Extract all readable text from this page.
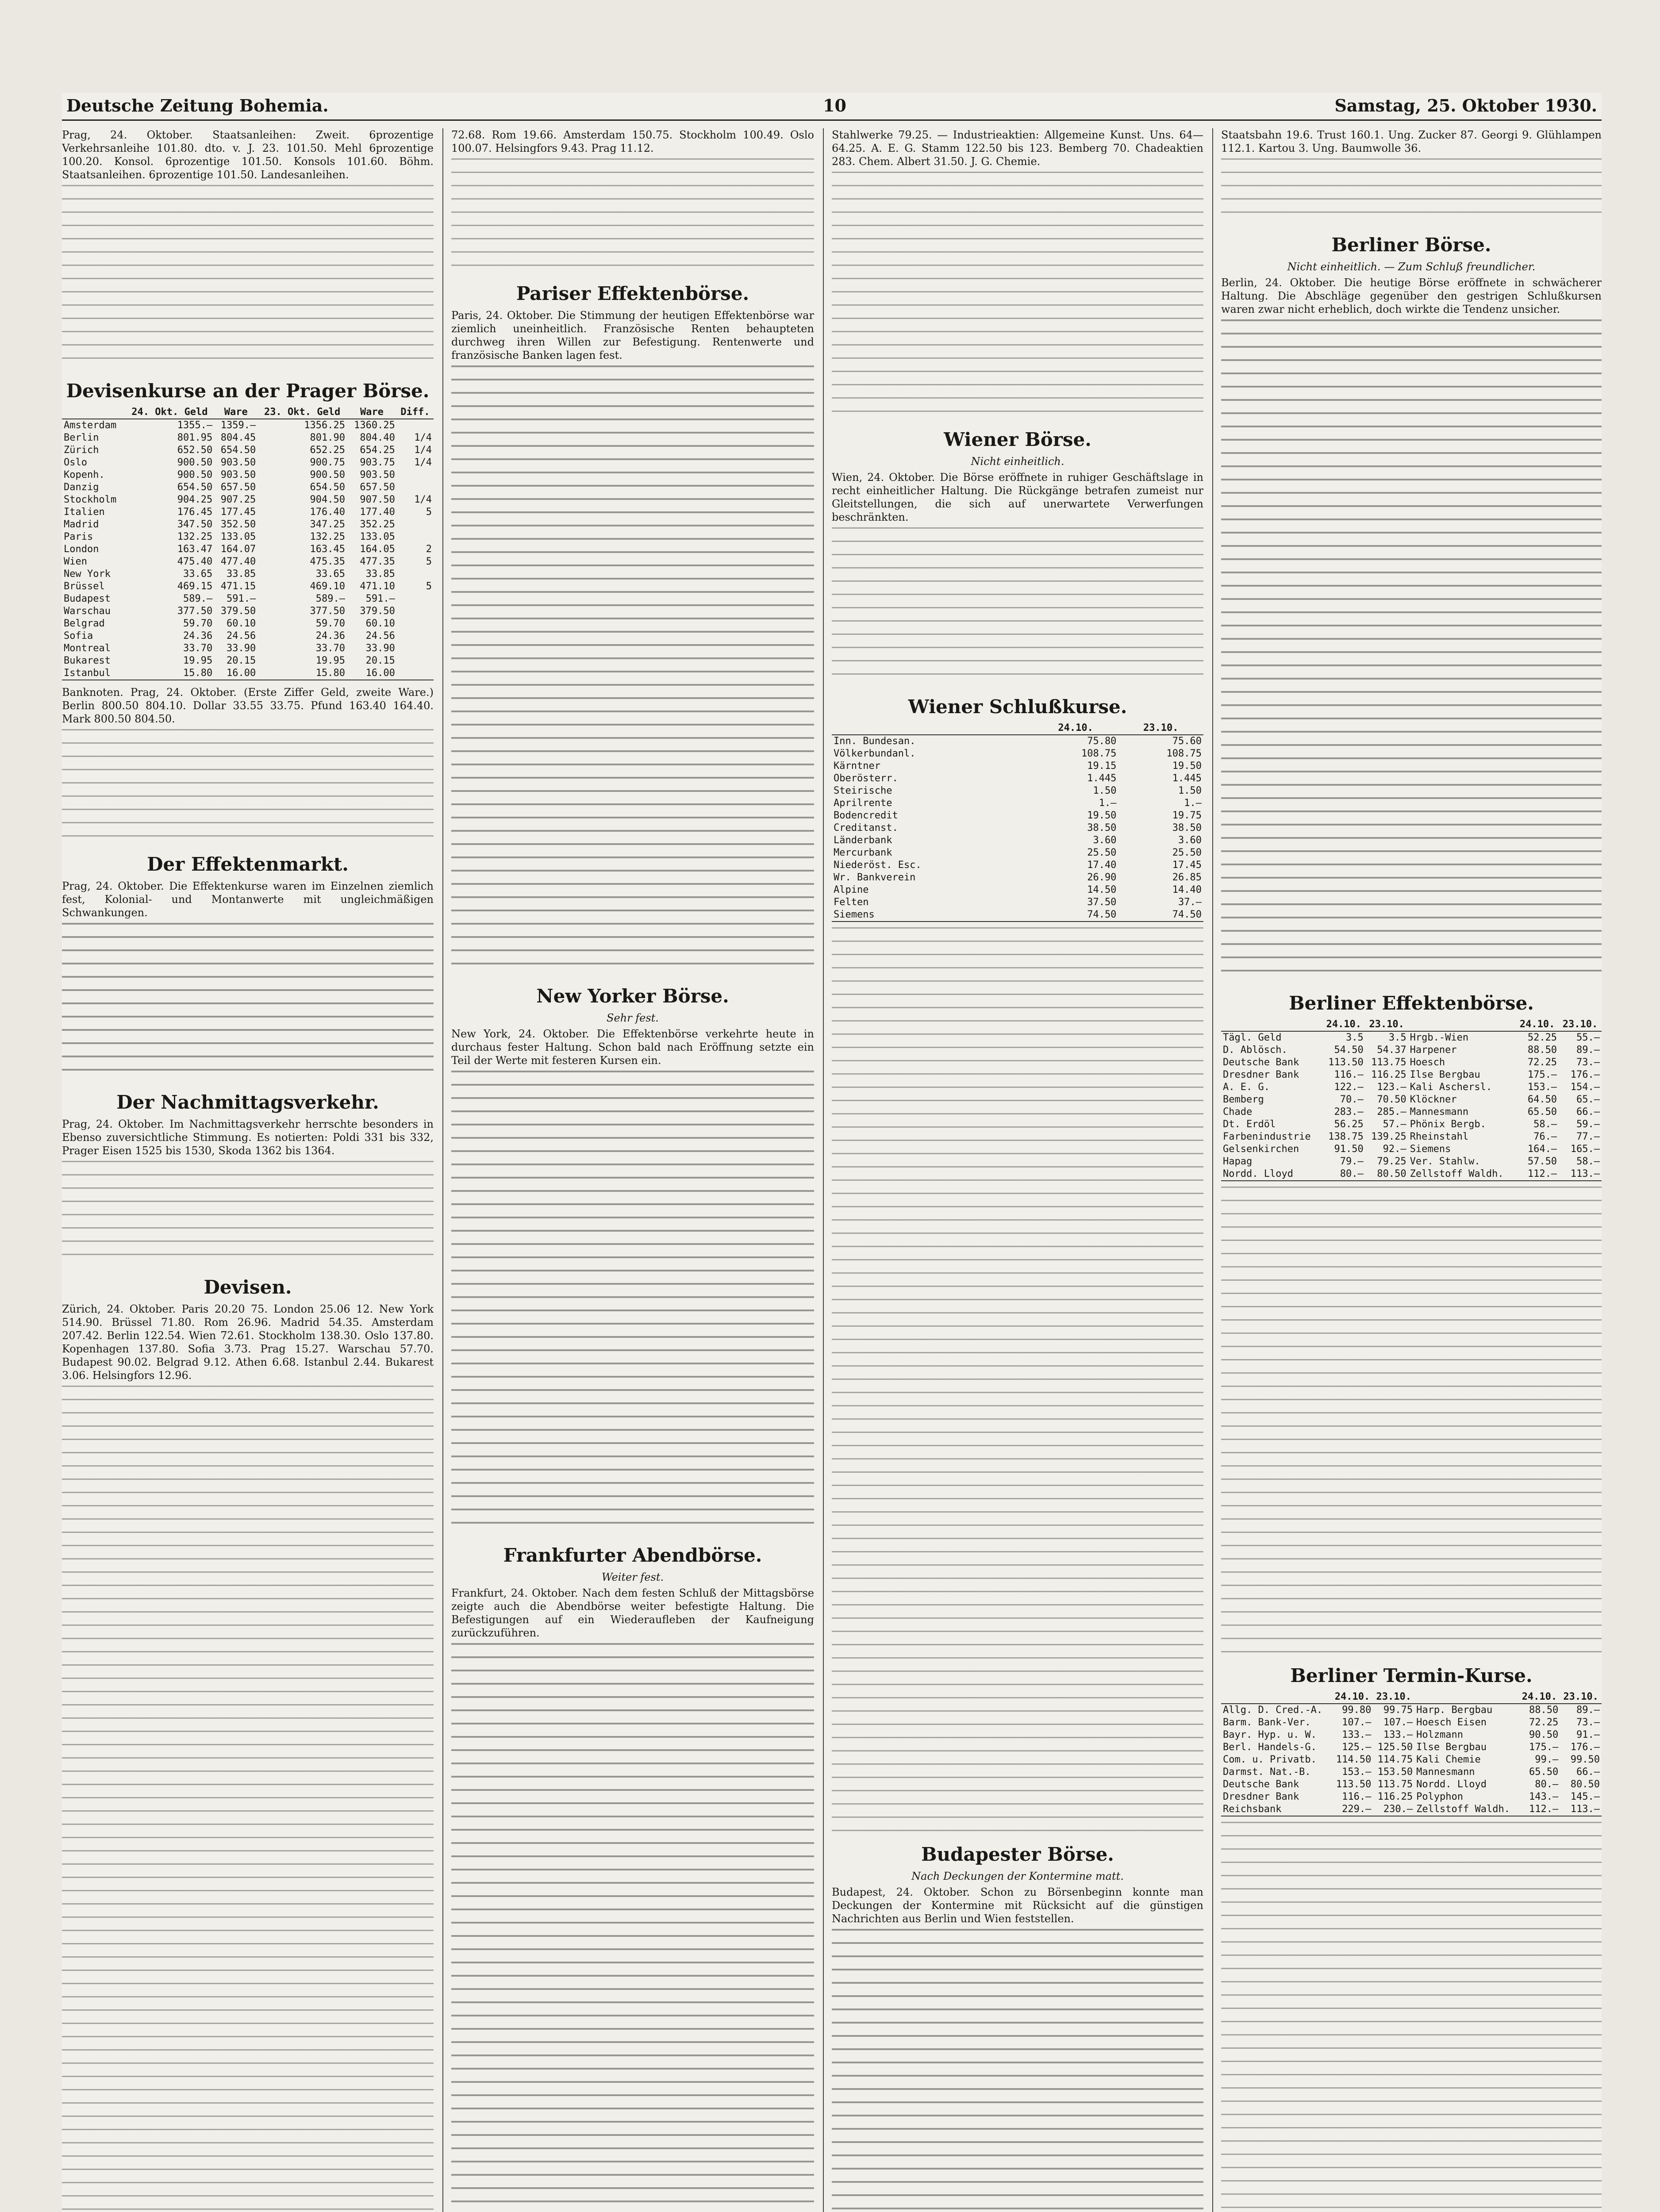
Deutsche Zeitung Bohemia.	10	Samstag, 25. Oktober 1930.

Prag, 24. Oktober. Staatsanleihen: Zweit. 6prozentige Verkehrsanleihe 101.80. dto. v. J. 23. 101.50. Mehl 6prozentige 100.20. Konsol. 6prozentige 101.50. Konsols 101.60. Böhm. Staatsanleihen. 6prozentige 101.50. Landesanleihen.

Devisenkurse an der Prager Börse.
	24. Okt. Geld	Ware	23. Okt. Geld	Ware	Diff.
Amsterdam	1355.—	1359.—	1356.25	1360.25	
Berlin	801.95	804.45	801.90	804.40	1/4
Zürich	652.50	654.50	652.25	654.25	1/4
Oslo	900.50	903.50	900.75	903.75	1/4
Kopenh.	900.50	903.50	900.50	903.50	
Danzig	654.50	657.50	654.50	657.50	
Stockholm	904.25	907.25	904.50	907.50	1/4
Italien	176.45	177.45	176.40	177.40	5
Madrid	347.50	352.50	347.25	352.25	
Paris	132.25	133.05	132.25	133.05	
London	163.47	164.07	163.45	164.05	2
Wien	475.40	477.40	475.35	477.35	5
New York	33.65	33.85	33.65	33.85	
Brüssel	469.15	471.15	469.10	471.10	5
Budapest	589.—	591.—	589.—	591.—	
Warschau	377.50	379.50	377.50	379.50	
Belgrad	59.70	60.10	59.70	60.10	
Sofia	24.36	24.56	24.36	24.56	
Montreal	33.70	33.90	33.70	33.90	
Bukarest	19.95	20.15	19.95	20.15	
Istanbul	15.80	16.00	15.80	16.00	

Banknoten. Prag, 24. Oktober. (Erste Ziffer Geld, zweite Ware.) Berlin 800.50 804.10. Dollar 33.55 33.75. Pfund 163.40 164.40. Mark 800.50 804.50.

Der Effektenmarkt.

Prag, 24. Oktober. Die Effektenkurse waren im Einzelnen ziemlich fest, Kolonial- und Montanwerte mit ungleichmäßigen Schwankungen.

Der Nachmittagsverkehr.

Prag, 24. Oktober. Im Nachmittagsverkehr herrschte besonders in Ebenso zuversichtliche Stimmung. Es notierten: Poldi 331 bis 332, Prager Eisen 1525 bis 1530, Skoda 1362 bis 1364.

Devisen.

Zürich, 24. Oktober. Paris 20.20 75. London 25.06 12. New York 514.90. Brüssel 71.80. Rom 26.96. Madrid 54.35. Amsterdam 207.42. Berlin 122.54. Wien 72.61. Stockholm 138.30. Oslo 137.80. Kopenhagen 137.80. Sofia 3.73. Prag 15.27. Warschau 57.70. Budapest 90.02. Belgrad 9.12. Athen 6.68. Istanbul 2.44. Bukarest 3.06. Helsingfors 12.96.

72.68. Rom 19.66. Amsterdam 150.75. Stockholm 100.49. Oslo 100.07. Helsingfors 9.43. Prag 11.12.

Pariser Effektenbörse.

Paris, 24. Oktober. Die Stimmung der heutigen Effektenbörse war ziemlich uneinheitlich. Französische Renten behaupteten durchweg ihren Willen zur Befestigung. Rentenwerte und französische Banken lagen fest.

New Yorker Börse.
Sehr fest.

New York, 24. Oktober. Die Effektenbörse verkehrte heute in durchaus fester Haltung. Schon bald nach Eröffnung setzte ein Teil der Werte mit festeren Kursen ein.

Frankfurter Abendbörse.
Weiter fest.

Frankfurt, 24. Oktober. Nach dem festen Schluß der Mittagsbörse zeigte auch die Abendbörse weiter befestigte Haltung. Die Befestigungen auf ein Wiederaufleben der Kaufneigung zurückzuführen.

Stahlwerke 79.25. — Industrieaktien: Allgemeine Kunst. Uns. 64—64.25. A. E. G. Stamm 122.50 bis 123. Bemberg 70. Chadeaktien 283. Chem. Albert 31.50. J. G. Chemie.

Wiener Börse.
Nicht einheitlich.

Wien, 24. Oktober. Die Börse eröffnete in ruhiger Geschäftslage in recht einheitlicher Haltung. Die Rückgänge betrafen zumeist nur Gleitstellungen, die sich auf unerwartete Verwerfungen beschränkten.

Wiener Schlußkurse.
	24.10.	23.10.
Inn. Bundesan.	75.80	75.60
Völkerbundanl.	108.75	108.75
Kärntner	19.15	19.50
Oberösterr.	1.445	1.445
Steirische	1.50	1.50
Aprilrente	1.—	1.—
Bodencredit	19.50	19.75
Creditanst.	38.50	38.50
Länderbank	3.60	3.60
Mercurbank	25.50	25.50
Niederöst. Esc.	17.40	17.45
Wr. Bankverein	26.90	26.85
Alpine	14.50	14.40
Felten	37.50	37.—
Siemens	74.50	74.50
Budapester Börse.
Nach Deckungen der Kontermine matt.

Budapest, 24. Oktober. Schon zu Börsenbeginn konnte man Deckungen der Kontermine mit Rücksicht auf die günstigen Nachrichten aus Berlin und Wien feststellen.

Staatsbahn 19.6. Trust 160.1. Ung. Zucker 87. Georgi 9. Glühlampen 112.1. Kartou 3. Ung. Baumwolle 36.

Berliner Börse.
Nicht einheitlich. — Zum Schluß freundlicher.

Berlin, 24. Oktober. Die heutige Börse eröffnete in schwächerer Haltung. Die Abschläge gegenüber den gestrigen Schlußkursen waren zwar nicht erheblich, doch wirkte die Tendenz unsicher.

Berliner Effektenbörse.
	24.10.	23.10.		24.10.	23.10.
Tägl. Geld	3.5	3.5	Hrgb.-Wien	52.25	55.—
D. Ablösch.	54.50	54.37	Harpener	88.50	89.—
Deutsche Bank	113.50	113.75	Hoesch	72.25	73.—
Dresdner Bank	116.—	116.25	Ilse Bergbau	175.—	176.—
A. E. G.	122.—	123.—	Kali Aschersl.	153.—	154.—
Bemberg	70.—	70.50	Klöckner	64.50	65.—
Chade	283.—	285.—	Mannesmann	65.50	66.—
Dt. Erdöl	56.25	57.—	Phönix Bergb.	58.—	59.—
Farbenindustrie	138.75	139.25	Rheinstahl	76.—	77.—
Gelsenkirchen	91.50	92.—	Siemens	164.—	165.—
Hapag	79.—	79.25	Ver. Stahlw.	57.50	58.—
Nordd. Lloyd	80.—	80.50	Zellstoff Waldh.	112.—	113.—
Berliner Termin-Kurse.
	24.10.	23.10.		24.10.	23.10.
Allg. D. Cred.-A.	99.80	99.75	Harp. Bergbau	88.50	89.—
Barm. Bank-Ver.	107.—	107.—	Hoesch Eisen	72.25	73.—
Bayr. Hyp. u. W.	133.—	133.—	Holzmann	90.50	91.—
Berl. Handels-G.	125.—	125.50	Ilse Bergbau	175.—	176.—
Com. u. Privatb.	114.50	114.75	Kali Chemie	99.—	99.50
Darmst. Nat.-B.	153.—	153.50	Mannesmann	65.50	66.—
Deutsche Bank	113.50	113.75	Nordd. Lloyd	80.—	80.50
Dresdner Bank	116.—	116.25	Polyphon	143.—	145.—
Reichsbank	229.—	230.—	Zellstoff Waldh.	112.—	113.—
